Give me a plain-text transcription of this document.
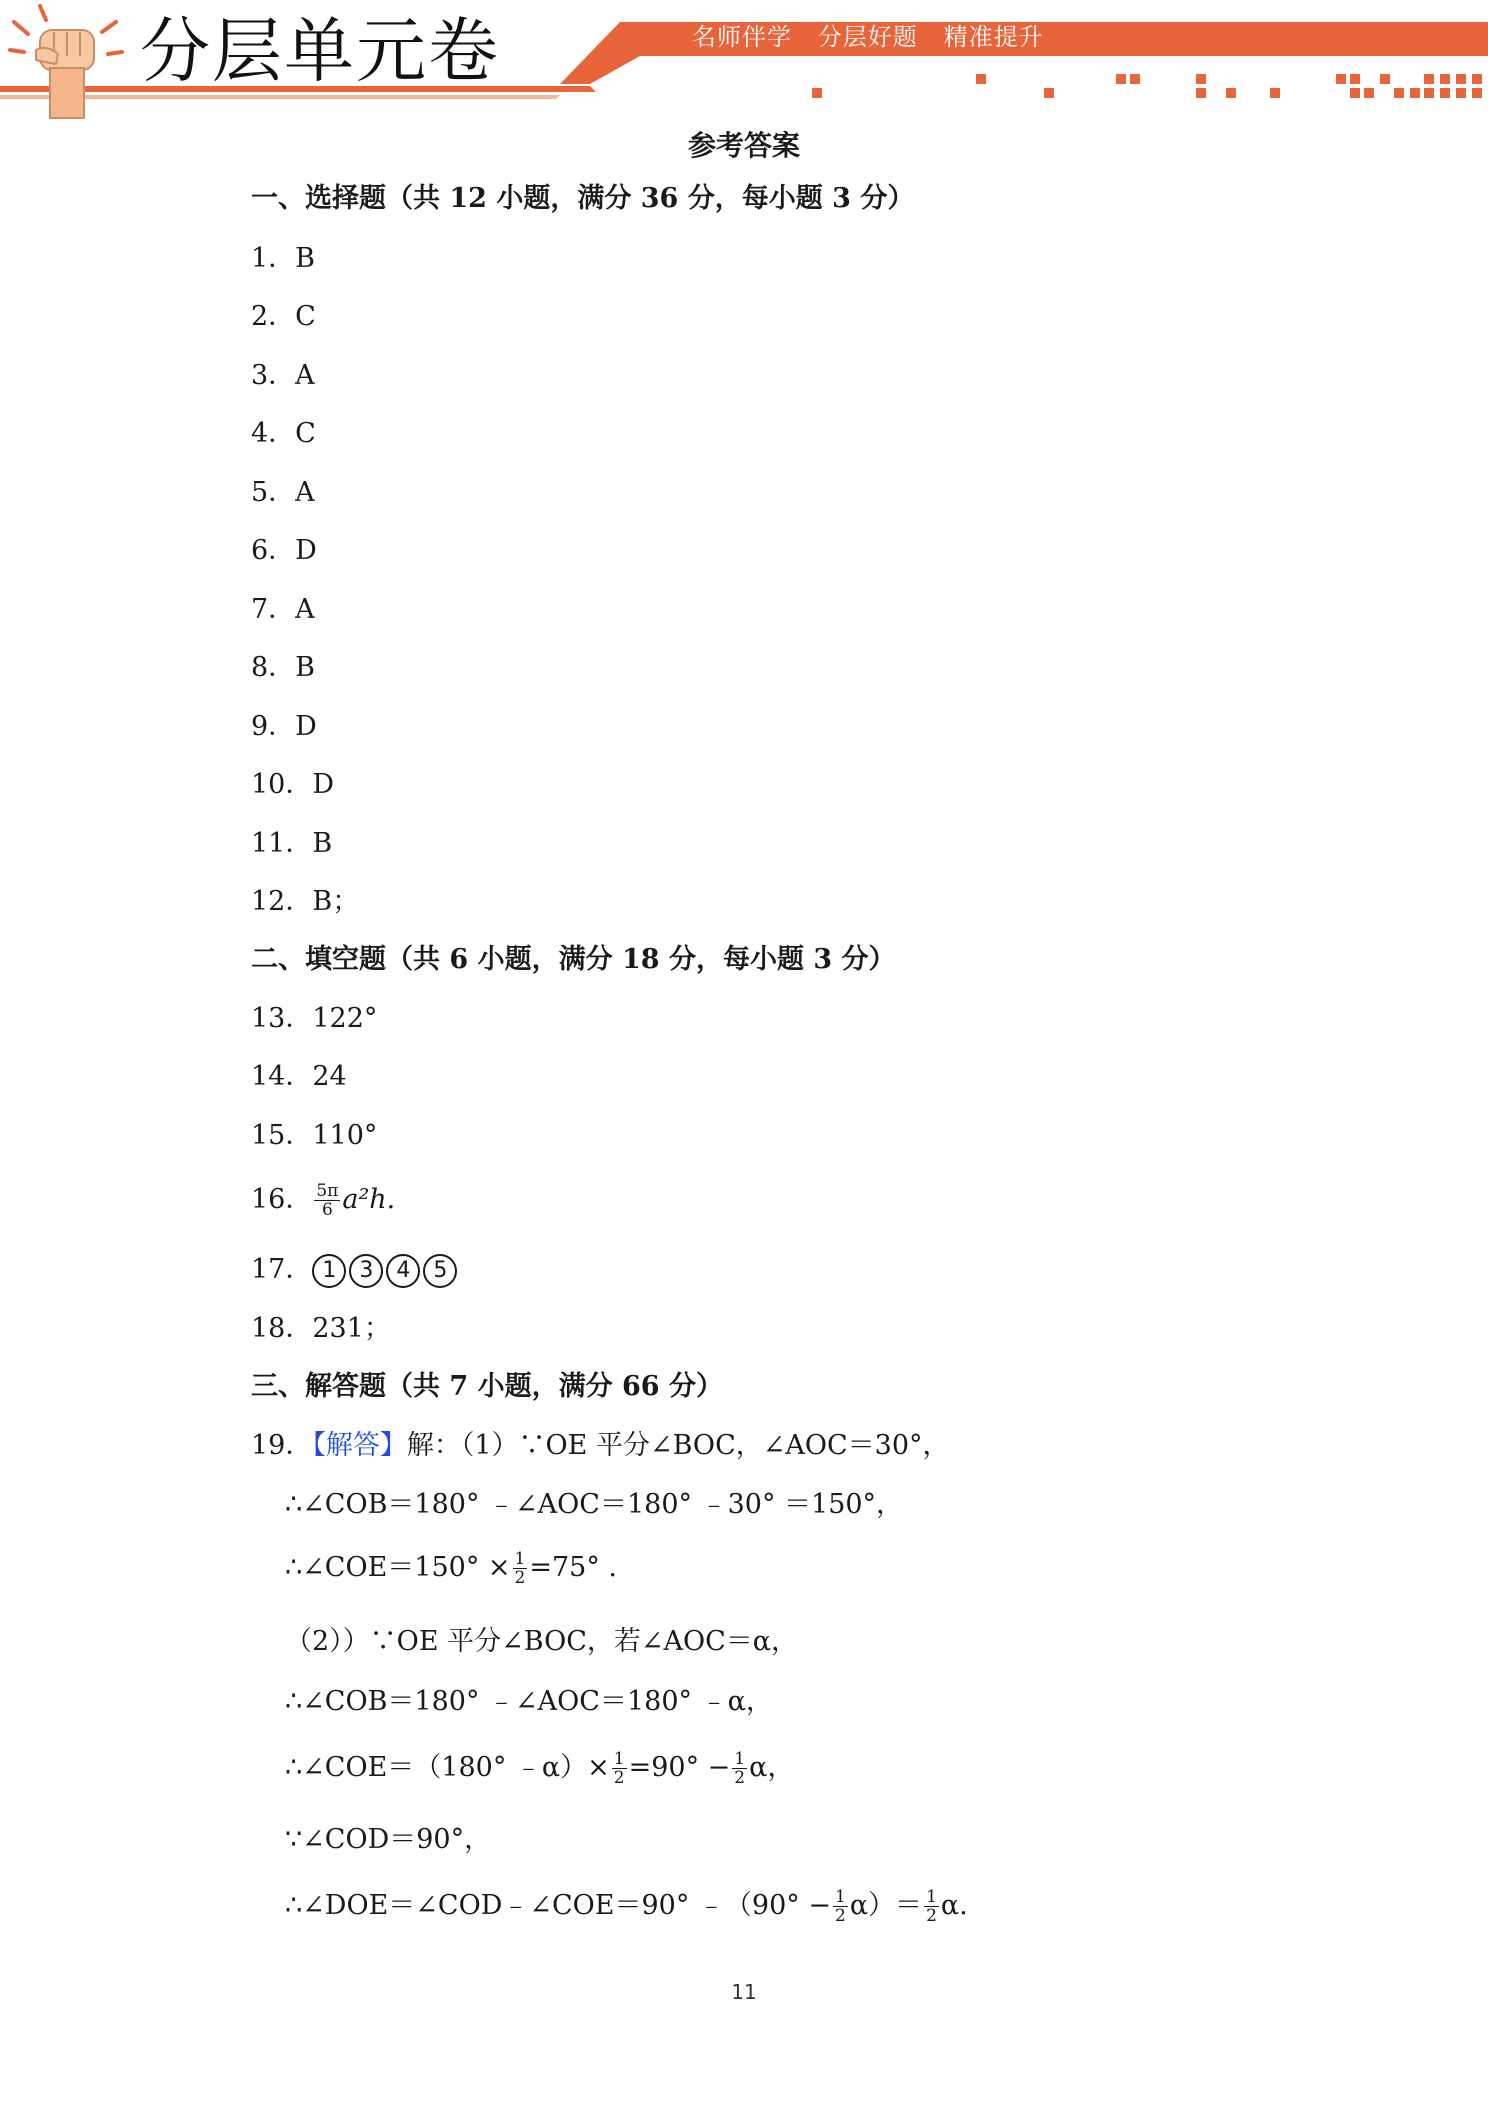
分层单元卷	名师伴学   分层好题   精准提升
参考答案
一、选择题（共 12 小题，满分 36 分，每小题 3 分）
1．B
2．C
3．A
4．C
5．A
6．D
7．A
8．B
9．D
10．D
11．B
12．B；
二、填空题（共 6 小题，满分 18 分，每小题 3 分）
13．122°
14．24
15．110°
16． $\frac{5\pi}{6} a^2h$.
17． 1 3 4 5
18．231；
三、解答题（共 7 小题，满分 66 分）
19．【解答】解：（1）∵OE 平分∠BOC，∠AOC＝30°，
∴∠COB＝180° ﹣∠AOC＝180° ﹣30° ＝150°，
∴∠COE＝150° × $\frac{1}{2} =75^\circ$ .
（2））∵OE 平分∠BOC，若∠AOC＝α，
∴∠COB＝180° ﹣∠AOC＝180° ﹣α，
∴∠COE＝（180° ﹣α）× $\frac{1}{2} =90^\circ - \frac{1}{2}$ α，
∵∠COD＝90°，
∴∠DOE＝∠COD﹣∠COE＝90° ﹣（90° − $\frac{1}{2} \alpha)= \frac{1}{2} \alpha$.
11
